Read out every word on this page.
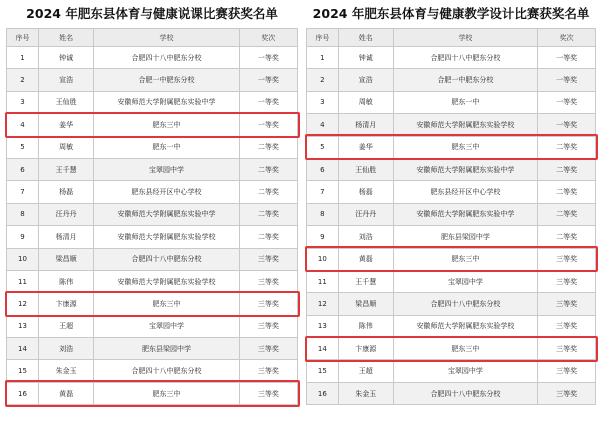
2024 年肥东县体育与健康说课比赛获奖名单
序号	姓名	学校	奖次
1	钟诚	合肥四十八中肥东分校	一等奖
2	宣浩	合肥一中肥东分校	一等奖
3	王仙胜	安徽师范大学附属肥东实验中学	一等奖
4	姜华	肥东三中	一等奖
5	周敏	肥东一中	二等奖
6	王千慧	宝翠园中学	二等奖
7	杨磊	肥东县经开区中心学校	二等奖
8	汪丹丹	安徽师范大学附属肥东实验中学	二等奖
9	杨清月	安徽师范大学附属肥东实验学校	二等奖
10	梁昌顺	合肥四十八中肥东分校	三等奖
11	陈伟	安徽师范大学附属肥东实验学校	三等奖
12	卞康源	肥东三中	三等奖
13	王超	宝翠园中学	三等奖
14	刘浩	肥东县梁园中学	三等奖
15	朱金玉	合肥四十八中肥东分校	三等奖
16	黄磊	肥东三中	三等奖
2024 年肥东县体育与健康教学设计比赛获奖名单
序号	姓名	学校	奖次
1	钟诚	合肥四十八中肥东分校	一等奖
2	宣浩	合肥一中肥东分校	一等奖
3	周敏	肥东一中	一等奖
4	杨清月	安徽师范大学附属肥东实验学校	一等奖
5	姜华	肥东三中	二等奖
6	王仙胜	安徽师范大学附属肥东实验中学	二等奖
7	杨磊	肥东县经开区中心学校	二等奖
8	汪丹丹	安徽师范大学附属肥东实验中学	二等奖
9	刘浩	肥东县梁园中学	二等奖
10	黄磊	肥东三中	三等奖
11	王千慧	宝翠园中学	三等奖
12	梁昌顺	合肥四十八中肥东分校	三等奖
13	陈伟	安徽师范大学附属肥东实验学校	三等奖
14	卞康源	肥东三中	三等奖
15	王超	宝翠园中学	三等奖
16	朱金玉	合肥四十八中肥东分校	三等奖
